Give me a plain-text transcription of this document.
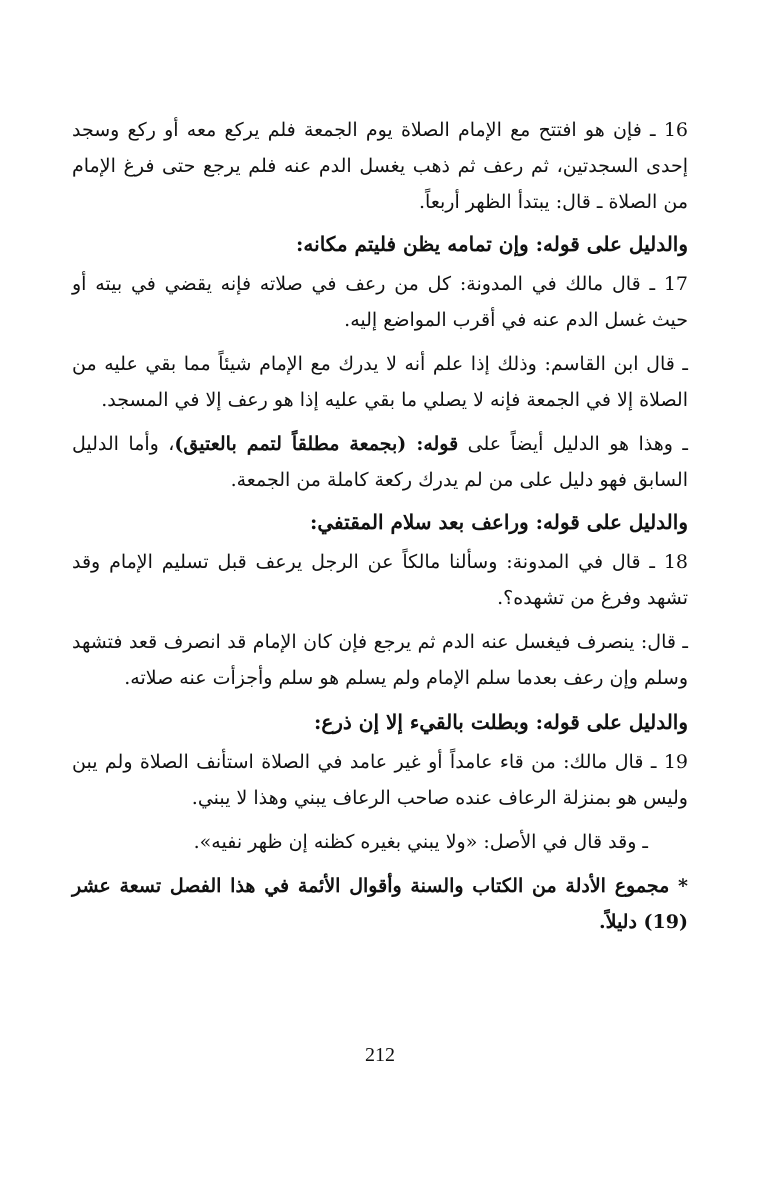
16 ـ فإن هو افتتح مع الإمام الصلاة يوم الجمعة فلم يركع معه أو ركع وسجد إحدى السجدتين، ثم رعف ثم ذهب يغسل الدم عنه فلم يرجع حتى فرغ الإمام من الصلاة ـ قال: يبتدأ الظهر أربعاً.

والدليل على قوله: وإن تمامه يظن فليتم مكانه:

17 ـ قال مالك في المدونة: كل من رعف في صلاته فإنه يقضي في بيته أو حيث غسل الدم عنه في أقرب المواضع إليه.

ـ قال ابن القاسم: وذلك إذا علم أنه لا يدرك مع الإمام شيئاً مما بقي عليه من الصلاة إلا في الجمعة فإنه لا يصلي ما بقي عليه إذا هو رعف إلا في المسجد.

ـ وهذا هو الدليل أيضاً على قوله: (بجمعة مطلقاً لتمم بالعتيق)، وأما الدليل السابق فهو دليل على من لم يدرك ركعة كاملة من الجمعة.

والدليل على قوله: وراعف بعد سلام المقتفي:

18 ـ قال في المدونة: وسألنا مالكاً عن الرجل يرعف قبل تسليم الإمام وقد تشهد وفرغ من تشهده؟.

ـ قال: ينصرف فيغسل عنه الدم ثم يرجع فإن كان الإمام قد انصرف قعد فتشهد وسلم وإن رعف بعدما سلم الإمام ولم يسلم هو سلم وأجزأت عنه صلاته.

والدليل على قوله: وبطلت بالقيء إلا إن ذرع:

19 ـ قال مالك: من قاء عامداً أو غير عامد في الصلاة استأنف الصلاة ولم يبن وليس هو بمنزلة الرعاف عنده صاحب الرعاف يبني وهذا لا يبني.

ـ وقد قال في الأصل: «ولا يبني بغيره كظنه إن ظهر نفيه».

* مجموع الأدلة من الكتاب والسنة وأقوال الأئمة في هذا الفصل تسعة عشر (19) دليلاً.

212
